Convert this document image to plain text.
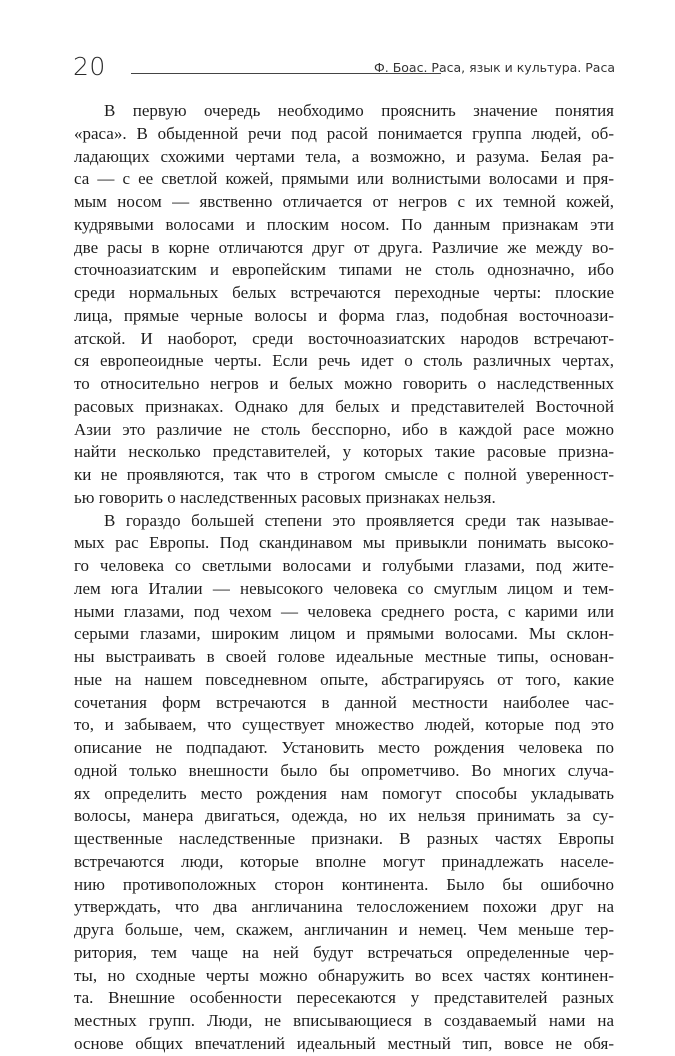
20	Ф. Боас. Раса, язык и культура. Раса
В первую очередь необходимо прояснить значение понятия
«раса». В обыденной речи под расой понимается группа людей, об-
ладающих схожими чертами тела, а возможно, и разума. Белая ра-
са — с ее светлой кожей, прямыми или волнистыми волосами и пря-
мым носом — явственно отличается от негров с их темной кожей,
кудрявыми волосами и плоским носом. По данным признакам эти
две расы в корне отличаются друг от друга. Различие же между во-
сточноазиатским и европейским типами не столь однозначно, ибо
среди нормальных белых встречаются переходные черты: плоские
лица, прямые черные волосы и форма глаз, подобная восточноази-
атской. И наоборот, среди восточноазиатских народов встречают-
ся европеоидные черты. Если речь идет о столь различных чертах,
то относительно негров и белых можно говорить о наследственных
расовых признаках. Однако для белых и представителей Восточной
Азии это различие не столь бесспорно, ибо в каждой расе можно
найти несколько представителей, у которых такие расовые призна-
ки не проявляются, так что в строгом смысле с полной уверенност-
ью говорить о наследственных расовых признаках нельзя.
В гораздо большей степени это проявляется среди так называе-
мых рас Европы. Под скандинавом мы привыкли понимать высоко-
го человека со светлыми волосами и голубыми глазами, под жите-
лем юга Италии — невысокого человека со смуглым лицом и тем-
ными глазами, под чехом — человека среднего роста, с карими или
серыми глазами, широким лицом и прямыми волосами. Мы склон-
ны выстраивать в своей голове идеальные местные типы, основан-
ные на нашем повседневном опыте, абстрагируясь от того, какие
сочетания форм встречаются в данной местности наиболее час-
то, и забываем, что существует множество людей, которые под это
описание не подпадают. Установить место рождения человека по
одной только внешности было бы опрометчиво. Во многих случа-
ях определить место рождения нам помогут способы укладывать
волосы, манера двигаться, одежда, но их нельзя принимать за су-
щественные наследственные признаки. В разных частях Европы
встречаются люди, которые вполне могут принадлежать населе-
нию противоположных сторон континента. Было бы ошибочно
утверждать, что два англичанина телосложением похожи друг на
друга больше, чем, скажем, англичанин и немец. Чем меньше тер-
ритория, тем чаще на ней будут встречаться определенные чер-
ты, но сходные черты можно обнаружить во всех частях континен-
та. Внешние особенности пересекаются у представителей разных
местных групп. Люди, не вписывающиеся в создаваемый нами на
основе общих впечатлений идеальный местный тип, вовсе не обя-
